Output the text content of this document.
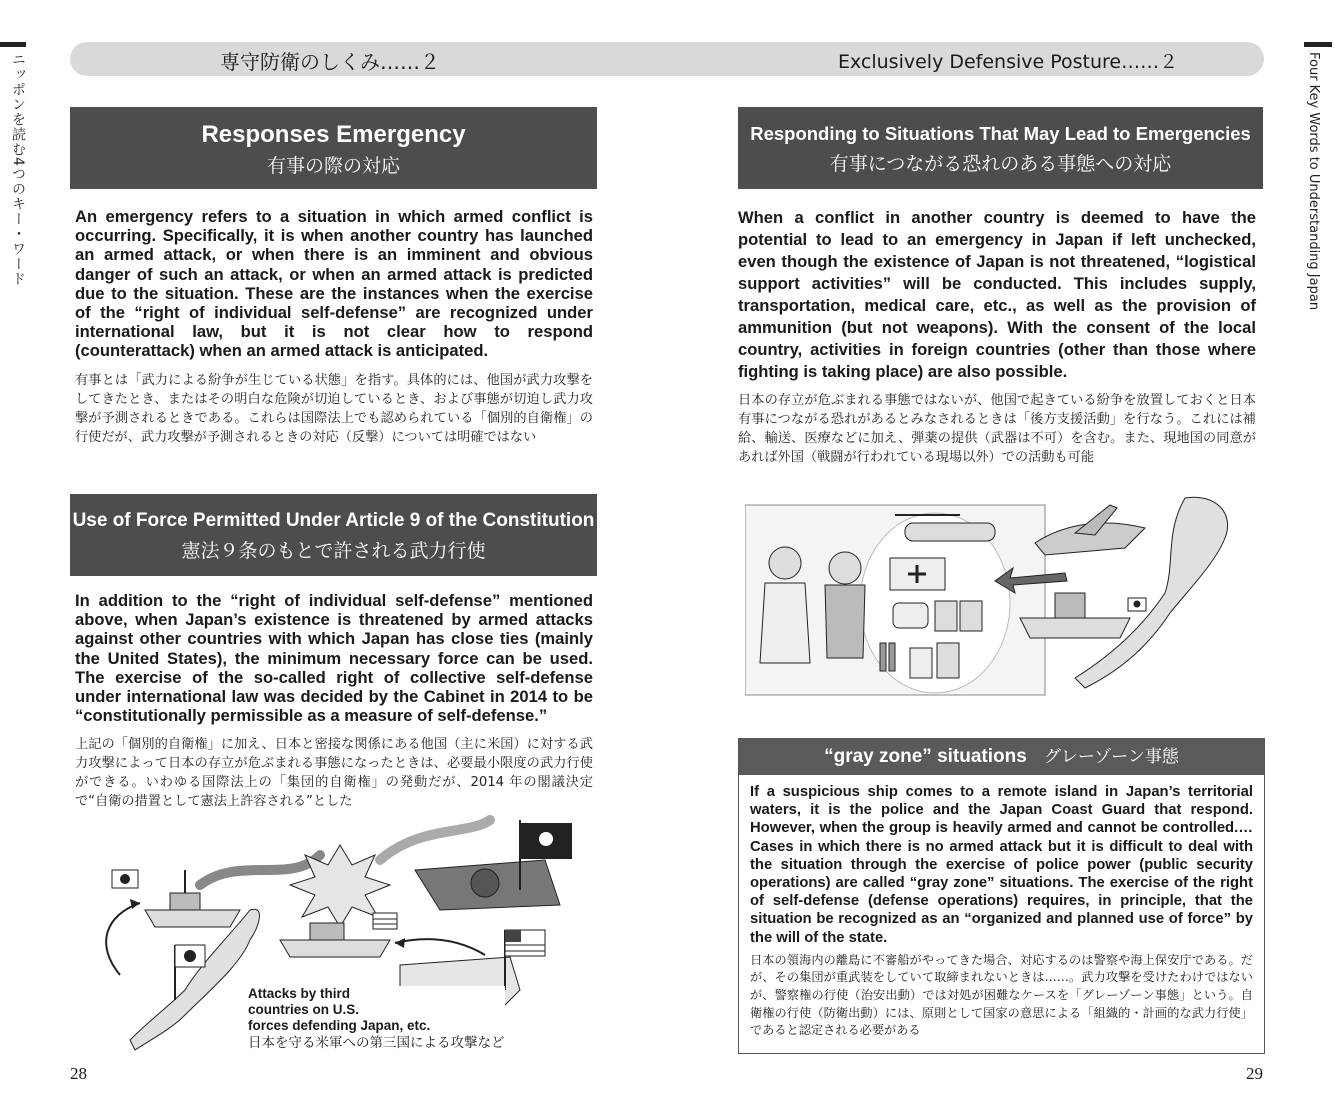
ニッポンを読む4つのキー・ワード	Four Key Words to Understanding Japan
専守防衛のしくみ……２	Exclusively Defensive Posture……２
Responses Emergency
有事の際の対応

An emergency refers to a situation in which armed conflict is occurring. Specifically, it is when another country has launched an armed attack, or when there is an imminent and obvious danger of such an attack, or when an armed attack is predicted due to the situation. These are the instances when the exercise of the “right of individual self-defense” are recognized under international law, but it is not clear how to respond (counterattack) when an armed attack is anticipated.

有事とは「武力による紛争が生じている状態」を指す。具体的には、他国が武力攻撃をしてきたとき、またはその明白な危険が切迫しているとき、および事態が切迫し武力攻撃が予測されるときである。これらは国際法上でも認められている「個別的自衛権」の行使だが、武力攻撃が予測されるときの対応（反撃）については明確ではない

Use of Force Permitted Under Article 9 of the Constitution
憲法９条のもとで許される武力行使

In addition to the “right of individual self-defense” mentioned above, when Japan’s existence is threatened by armed attacks against other countries with which Japan has close ties (mainly the United States), the minimum necessary force can be used. The exercise of the so-called right of collective self-defense under international law was decided by the Cabinet in 2014 to be “constitutionally permissible as a measure of self-defense.”

上記の「個別的自衛権」に加え、日本と密接な関係にある他国（主に米国）に対する武力攻撃によって日本の存立が危ぶまれる事態になったときは、必要最小限度の武力行使ができる。いわゆる国際法上の「集団的自衛権」の発動だが、2014 年の閣議決定で“自衛の措置として憲法上許容される”とした

Attacks by third
countries on U.S.
forces defending Japan, etc.
日本を守る米軍への第三国による攻撃など
28
Responding to Situations That May Lead to Emergencies
有事につながる恐れのある事態への対応

When a conflict in another country is deemed to have the potential to lead to an emergency in Japan if left unchecked, even though the existence of Japan is not threatened, “logistical support activities” will be conducted. This includes supply, transportation, medical care, etc., as well as the provision of ammunition (but not weapons). With the consent of the local country, activities in foreign countries (other than those where fighting is taking place) are also possible.

日本の存立が危ぶまれる事態ではないが、他国で起きている紛争を放置しておくと日本有事につながる恐れがあるとみなされるときは「後方支援活動」を行なう。これには補給、輸送、医療などに加え、弾薬の提供（武器は不可）を含む。また、現地国の同意があれば外国（戦闘が行われている現場以外）での活動も可能

“gray zone” situations グレーゾーン事態

If a suspicious ship comes to a remote island in Japan’s territorial waters, it is the police and the Japan Coast Guard that respond. However, when the group is heavily armed and cannot be controlled.…Cases in which there is no armed attack but it is difficult to deal with the situation through the exercise of police power (public security operations) are called “gray zone” situations. The exercise of the right of self-defense (defense operations) requires, in principle, that the situation be recognized as an “organized and planned use of force” by the will of the state.

日本の領海内の離島に不審船がやってきた場合、対応するのは警察や海上保安庁である。だが、その集団が重武装をしていて取締まれないときは……。武力攻撃を受けたわけではないが、警察権の行使（治安出動）では対処が困難なケースを「グレーゾーン事態」という。自衛権の行使（防衛出動）には、原則として国家の意思による「組織的・計画的な武力行使」であると認定される必要がある

29
